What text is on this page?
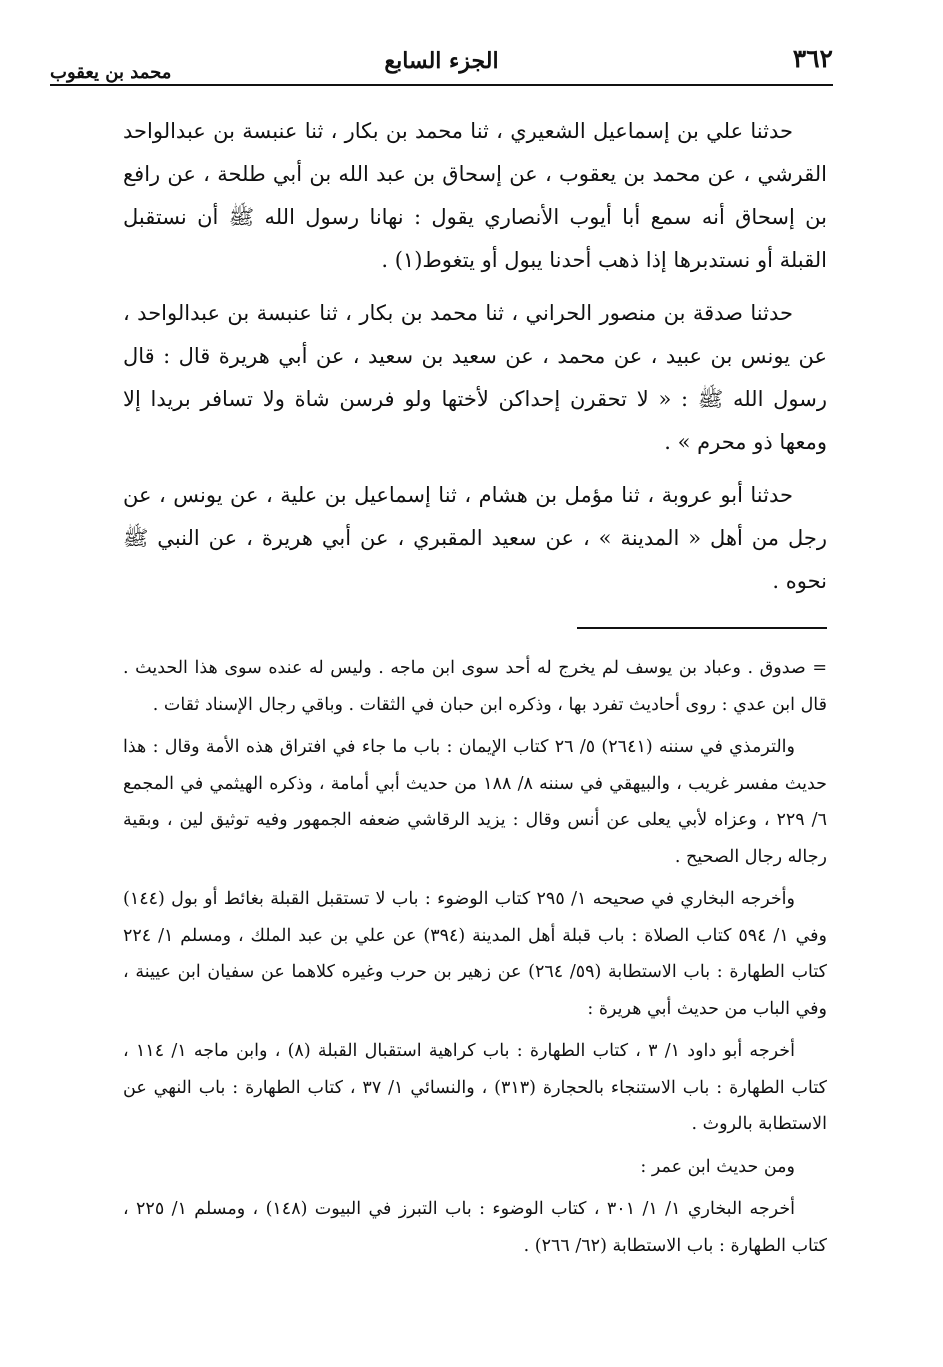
٣٦٢
الجزء السابع
محمد بن يعقوب

حدثنا علي بن إسماعيل الشعيري ، ثنا محمد بن بكار ، ثنا عنبسة بن عبدالواحد القرشي ، عن محمد بن يعقوب ، عن إسحاق بن عبد الله بن أبي طلحة ، عن رافع بن إسحاق أنه سمع أبا أيوب الأنصاري يقول : نهانا رسول الله ﷺ أن نستقبل القبلة أو نستدبرها إذا ذهب أحدنا يبول أو يتغوط(١) .

حدثنا صدقة بن منصور الحراني ، ثنا محمد بن بكار ، ثنا عنبسة بن عبدالواحد ، عن يونس بن عبيد ، عن محمد ، عن سعيد بن سعيد ، عن أبي هريرة قال : قال رسول الله ﷺ : « لا تحقرن إحداكن لأختها ولو فرسن شاة ولا تسافر بريدا إلا ومعها ذو محرم » .

حدثنا أبو عروبة ، ثنا مؤمل بن هشام ، ثنا إسماعيل بن علية ، عن يونس ، عن رجل من أهل « المدينة » ، عن سعيد المقبري ، عن أبي هريرة ، عن النبي ﷺ نحوه .

= صدوق . وعباد بن يوسف لم يخرج له أحد سوى ابن ماجه . وليس له عنده سوى هذا الحديث . قال ابن عدي : روى أحاديث تفرد بها ، وذكره ابن حبان في الثقات . وباقي رجال الإسناد ثقات .

والترمذي في سننه (٢٦٤١) ٥/ ٢٦ كتاب الإيمان : باب ما جاء في افتراق هذه الأمة وقال : هذا حديث مفسر غريب ، والبيهقي في سننه ٨/ ١٨٨ من حديث أبي أمامة ، وذكره الهيثمي في المجمع ٦/ ٢٢٩ ، وعزاه لأبي يعلى عن أنس وقال : يزيد الرقاشي ضعفه الجمهور وفيه توثيق لين ، وبقية رجاله رجال الصحيح .

وأخرجه البخاري في صحيحه ١/ ٢٩٥ كتاب الوضوء : باب لا تستقبل القبلة بغائط أو بول (١٤٤) وفي ١/ ٥٩٤ كتاب الصلاة : باب قبلة أهل المدينة (٣٩٤) عن علي بن عبد الملك ، ومسلم ١/ ٢٢٤ كتاب الطهارة : باب الاستطابة (٥٩/ ٢٦٤) عن زهير بن حرب وغيره كلاهما عن سفيان ابن عيينة ، وفي الباب من حديث أبي هريرة :

أخرجه أبو داود ١/ ٣ ، كتاب الطهارة : باب كراهية استقبال القبلة (٨) ، وابن ماجه ١/ ١١٤ ، كتاب الطهارة : باب الاستنجاء بالحجارة (٣١٣) ، والنسائي ١/ ٣٧ ، كتاب الطهارة : باب النهي عن الاستطابة بالروث .

ومن حديث ابن عمر :

أخرجه البخاري ١/ ١/ ٣٠١ ، كتاب الوضوء : باب التبرز في البيوت (١٤٨) ، ومسلم ١/ ٢٢٥ ، كتاب الطهارة : باب الاستطابة (٦٢/ ٢٦٦) .
